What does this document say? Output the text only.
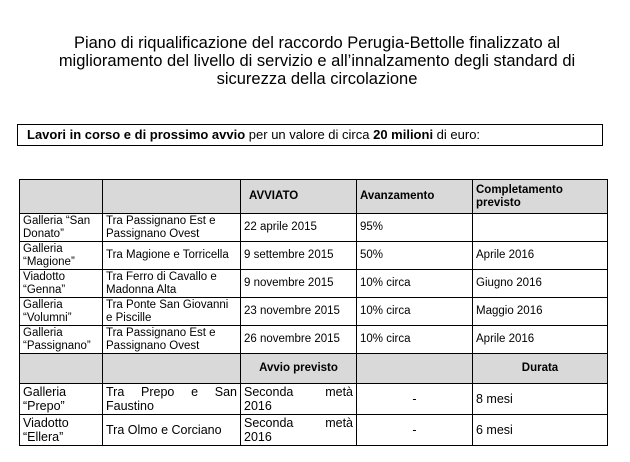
Piano di riqualificazione del raccordo Perugia-Bettolle finalizzato al
miglioramento del livello di servizio e all’innalzamento degli standard di
sicurezza della circolazione
Lavori in corso e di prossimo avvio per un valore di circa 20 milioni di euro:
		AVVIATO	Avanzamento	Completamento previsto
Galleria “San Donato”	Tra Passignano Est e Passignano Ovest	22 aprile 2015	95%	
Galleria “Magione”	Tra Magione e Torricella	9 settembre 2015	50%	Aprile 2016
Viadotto “Genna”	Tra Ferro di Cavallo e Madonna Alta	9 novembre 2015	10% circa	Giugno 2016
Galleria “Volumni”	Tra Ponte San Giovanni e Piscille	23 novembre 2015	10% circa	Maggio 2016
Galleria “Passignano”	Tra Passignano Est e Passignano Ovest	26 novembre 2015	10% circa	Aprile 2016
		Avvio previsto		Durata
Galleria “Prepo”	Tra Prepo e San Faustino	Seconda metà 2016	-	8 mesi
Viadotto “Ellera”	Tra Olmo e Corciano	Seconda metà 2016	-	6 mesi
